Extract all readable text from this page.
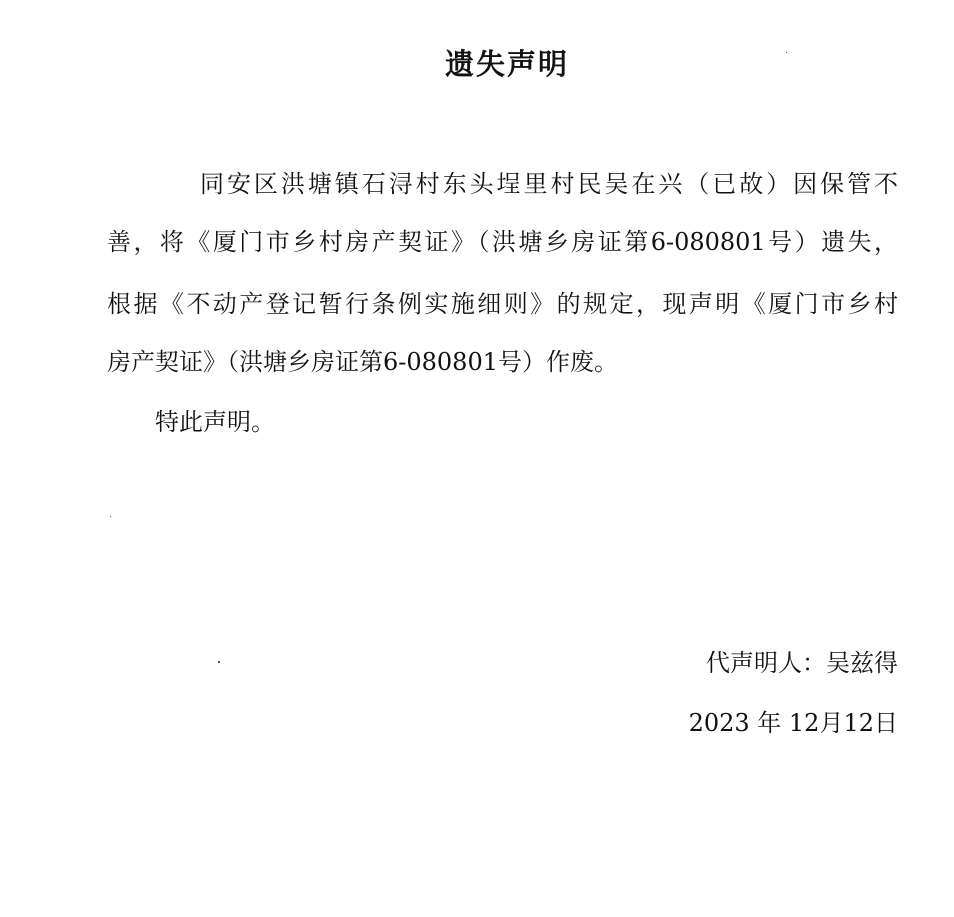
遗失声明

同安区洪塘镇石浔村东头埕里村民吴在兴（已故）因保管不

善，将《厦门市乡村房产契证》（洪塘乡房证第6-080801号）遗失，

根据《不动产登记暂行条例实施细则》的规定，现声明《厦门市乡村

房产契证》（洪塘乡房证第6-080801号）作废。

特此声明。

代声明人：吴兹得

2023 年 12月12日
